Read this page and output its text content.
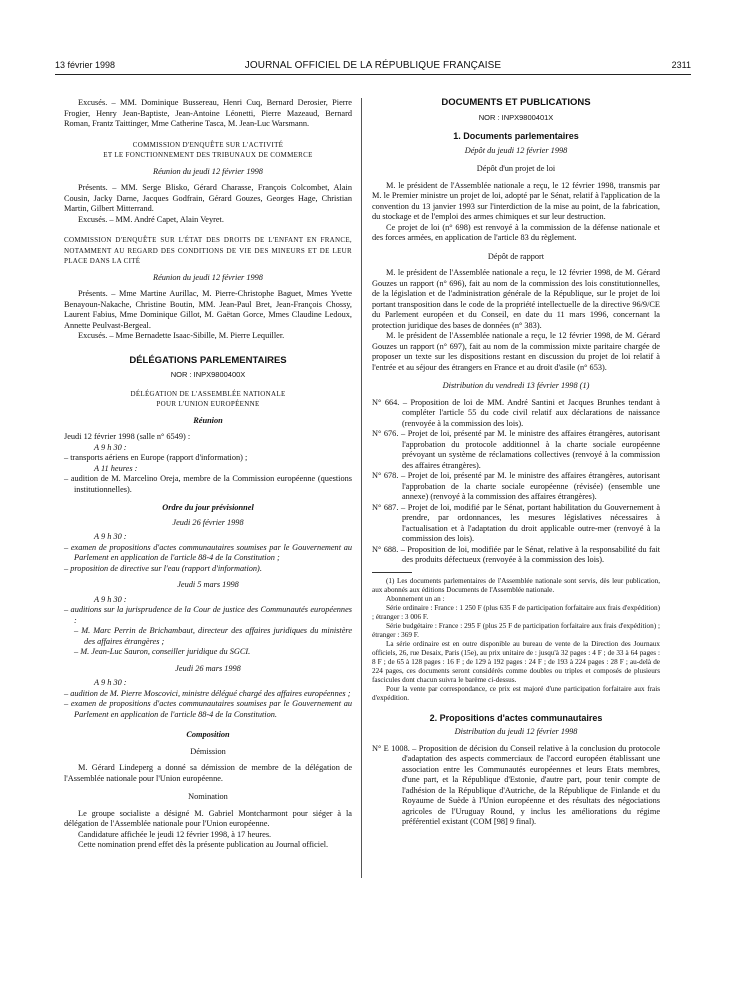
13 février 1998	JOURNAL OFFICIEL DE LA RÉPUBLIQUE FRANÇAISE	2311

Excusés. – MM. Dominique Bussereau, Henri Cuq, Bernard Derosier, Pierre Frogier, Henry Jean-Baptiste, Jean-Antoine Léonetti, Pierre Mazeaud, Bernard Roman, Frantz Taittinger, Mme Catherine Tasca, M. Jean-Luc Warsmann.

COMMISSION D'ENQUÊTE SUR L'ACTIVITÉ

ET LE FONCTIONNEMENT DES TRIBUNAUX DE COMMERCE

Réunion du jeudi 12 février 1998

Présents. – MM. Serge Blisko, Gérard Charasse, François Colcombet, Alain Cousin, Jacky Darne, Jacques Godfrain, Gérard Gouzes, Georges Hage, Christian Martin, Gilbert Mitterrand.

Excusés. – MM. André Capet, Alain Veyret.

COMMISSION D'ENQUÊTE SUR L'ÉTAT DES DROITS DE L'ENFANT EN FRANCE, NOTAMMENT AU REGARD DES CONDITIONS DE VIE DES MINEURS ET DE LEUR PLACE DANS LA CITÉ

Réunion du jeudi 12 février 1998

Présents. – Mme Martine Aurillac, M. Pierre-Christophe Baguet, Mmes Yvette Benayoun-Nakache, Christine Boutin, MM. Jean-Paul Bret, Jean-François Chossy, Laurent Fabius, Mme Dominique Gillot, M. Gaëtan Gorce, Mmes Claudine Ledoux, Annette Peulvast-Bergeal.

Excusés. – Mme Bernadette Isaac-Sibille, M. Pierre Lequiller.

DÉLÉGATIONS PARLEMENTAIRES

NOR : INPX9800400X

DÉLÉGATION DE L'ASSEMBLÉE NATIONALE

POUR L'UNION EUROPÉENNE

Réunion

Jeudi 12 février 1998 (salle n° 6549) :

A 9 h 30 :

– transports aériens en Europe (rapport d'information) ;

A 11 heures :

– audition de M. Marcelino Oreja, membre de la Commission européenne (questions institutionnelles).

Ordre du jour prévisionnel

Jeudi 26 février 1998

A 9 h 30 :

– examen de propositions d'actes communautaires soumises par le Gouvernement au Parlement en application de l'article 88-4 de la Constitution ;

– proposition de directive sur l'eau (rapport d'information).

Jeudi 5 mars 1998

A 9 h 30 :

– auditions sur la jurisprudence de la Cour de justice des Communautés européennes :

– M. Marc Perrin de Brichambaut, directeur des affaires juridiques du ministère des affaires étrangères ;

– M. Jean-Luc Sauron, conseiller juridique du SGCI.

Jeudi 26 mars 1998

A 9 h 30 :

– audition de M. Pierre Moscovici, ministre délégué chargé des affaires européennes ;

– examen de propositions d'actes communautaires soumises par le Gouvernement au Parlement en application de l'article 88-4 de la Constitution.

Composition

Démission

M. Gérard Lindeperg a donné sa démission de membre de la délégation de l'Assemblée nationale pour l'Union européenne.

Nomination

Le groupe socialiste a désigné M. Gabriel Montcharmont pour siéger à la délégation de l'Assemblée nationale pour l'Union européenne.

Candidature affichée le jeudi 12 février 1998, à 17 heures.

Cette nomination prend effet dès la présente publication au Journal officiel.

DOCUMENTS ET PUBLICATIONS

NOR : INPX9800401X

1. Documents parlementaires

Dépôt du jeudi 12 février 1998

Dépôt d'un projet de loi

M. le président de l'Assemblée nationale a reçu, le 12 février 1998, transmis par M. le Premier ministre un projet de loi, adopté par le Sénat, relatif à l'application de la convention du 13 janvier 1993 sur l'interdiction de la mise au point, de la fabrication, du stockage et de l'emploi des armes chimiques et sur leur destruction.

Ce projet de loi (n° 698) est renvoyé à la commission de la défense nationale et des forces armées, en application de l'article 83 du règlement.

Dépôt de rapport

M. le président de l'Assemblée nationale a reçu, le 12 février 1998, de M. Gérard Gouzes un rapport (n° 696), fait au nom de la commission des lois constitutionnelles, de la législation et de l'administration générale de la République, sur le projet de loi portant transposition dans le code de la propriété intellectuelle de la directive 96/9/CE du Parlement européen et du Conseil, en date du 11 mars 1996, concernant la protection juridique des bases de données (n° 383).

M. le président de l'Assemblée nationale a reçu, le 12 février 1998, de M. Gérard Gouzes un rapport (n° 697), fait au nom de la commission mixte paritaire chargée de proposer un texte sur les dispositions restant en discussion du projet de loi relatif à l'entrée et au séjour des étrangers en France et au droit d'asile (n° 653).

Distribution du vendredi 13 février 1998 (1)

N° 664. – Proposition de loi de MM. André Santini et Jacques Brunhes tendant à compléter l'article 55 du code civil relatif aux déclarations de naissance (renvoyée à la commission des lois).

N° 676. – Projet de loi, présenté par M. le ministre des affaires étrangères, autorisant l'approbation du protocole additionnel à la charte sociale européenne prévoyant un système de réclamations collectives (renvoyé à la commission des affaires étrangères).

N° 678. – Projet de loi, présenté par M. le ministre des affaires étrangères, autorisant l'approbation de la charte sociale européenne (révisée) (ensemble une annexe) (renvoyé à la commission des affaires étrangères).

N° 687. – Projet de loi, modifié par le Sénat, portant habilitation du Gouvernement à prendre, par ordonnances, les mesures législatives nécessaires à l'actualisation et à l'adaptation du droit applicable outre-mer (renvoyé à la commission des lois).

N° 688. – Proposition de loi, modifiée par le Sénat, relative à la responsabilité du fait des produits défectueux (renvoyée à la commission des lois).

(1) Les documents parlementaires de l'Assemblée nationale sont servis, dès leur publication, aux abonnés aux éditions Documents de l'Assemblée nationale.

Abonnement un an :

Série ordinaire : France : 1 250 F (plus 635 F de participation forfaitaire aux frais d'expédition) ; étranger : 3 006 F.

Série budgétaire : France : 295 F (plus 25 F de participation forfaitaire aux frais d'expédition) ; étranger : 369 F.

La série ordinaire est en outre disponible au bureau de vente de la Direction des Journaux officiels, 26, rue Desaix, Paris (15e), au prix unitaire de : jusqu'à 32 pages : 4 F ; de 33 à 64 pages : 8 F ; de 65 à 128 pages : 16 F ; de 129 à 192 pages : 24 F ; de 193 à 224 pages : 28 F ; au-delà de 224 pages, ces documents seront considérés comme doubles ou triples et composés de plusieurs fascicules dont chacun suivra le barème ci-dessus.

Pour la vente par correspondance, ce prix est majoré d'une participation forfaitaire aux frais d'expédition.

2. Propositions d'actes communautaires

Distribution du jeudi 12 février 1998

N° E 1008. – Proposition de décision du Conseil relative à la conclusion du protocole d'adaptation des aspects commerciaux de l'accord européen établissant une association entre les Communautés européennes et leurs Etats membres, d'une part, et la République d'Estonie, d'autre part, pour tenir compte de l'adhésion de la République d'Autriche, de la République de Finlande et du Royaume de Suède à l'Union européenne et des résultats des négociations agricoles de l'Uruguay Round, y inclus les améliorations du régime préférentiel existant (COM [98] 9 final).
